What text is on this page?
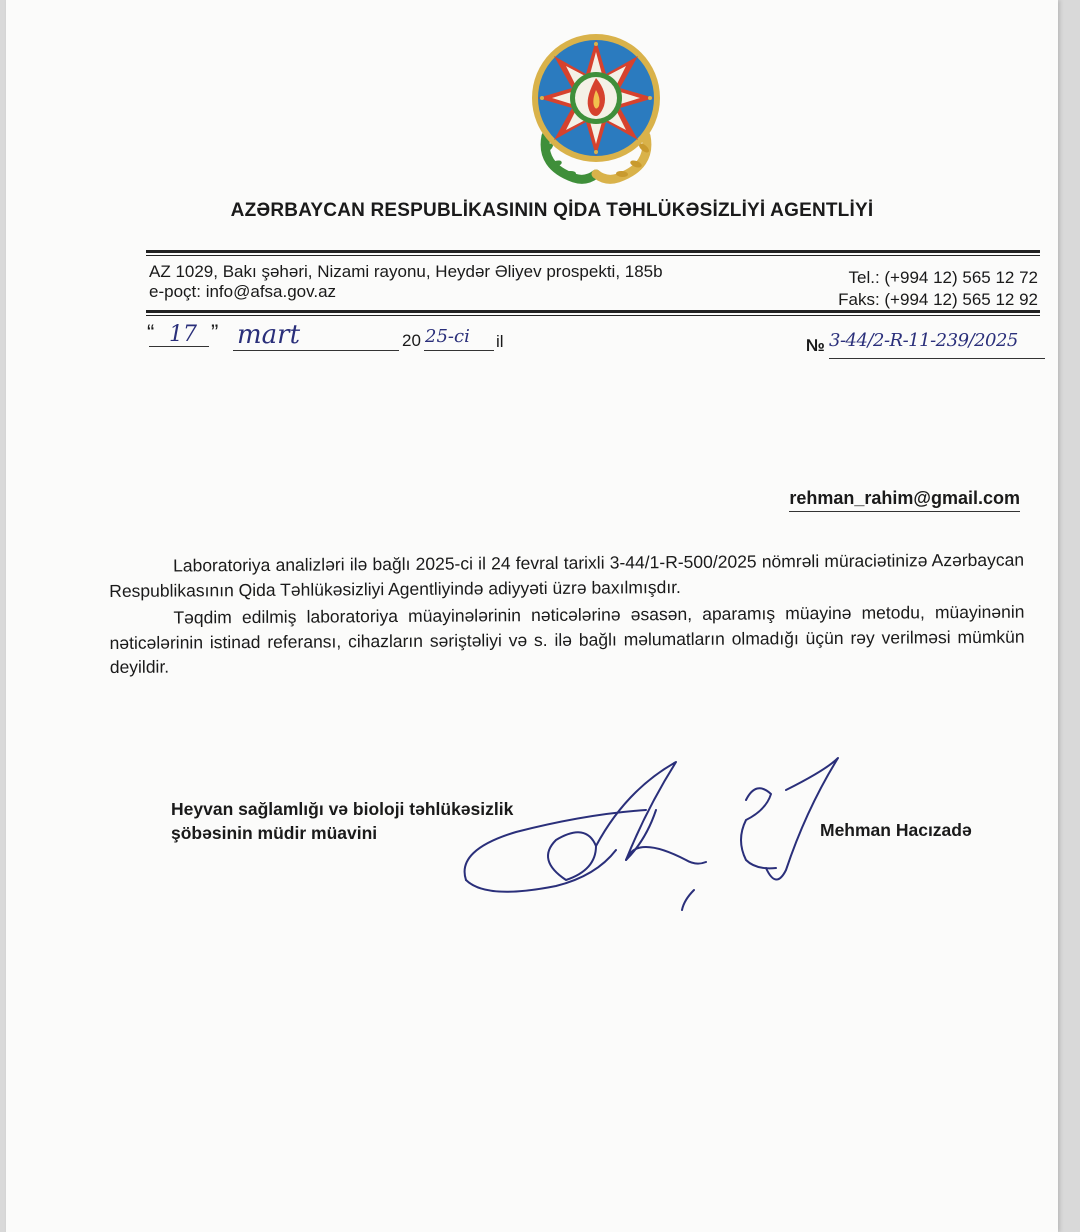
AZƏRBAYCAN RESPUBLİKASININ QİDA TƏHLÜKƏSİZLİYİ AGENTLİYİ
AZ 1029, Bakı şəhəri, Nizami rayonu, Heydər Əliyev prospekti, 185b
e-poçt: info@afsa.gov.az
Tel.: (+994 12) 565 12 72
Faks: (+994 12) 565 12 92
“ 17 ” mart	20 25-ci il	№ 3-44/2-R-11-239/2025
rehman_rahim@gmail.com

Laboratoriya analizləri ilə bağlı 2025-ci il 24 fevral tarixli 3-44/1-R-500/2025 nömrəli müraciətinizə Azərbaycan Respublikasının Qida Təhlükəsizliyi Agentliyində adiyyəti üzrə baxılmışdır.

Təqdim edilmiş laboratoriya müayinələrinin nəticələrinə əsasən, aparamış müayinə metodu, müayinənin nəticələrinin istinad referansı, cihazların səriştəliyi və s. ilə bağlı məlumatların olmadığı üçün rəy verilməsi mümkün deyildir.

Heyvan sağlamlığı və bioloji təhlükəsizlik
şöbəsinin müdir müavini	Mehman Hacızadə
